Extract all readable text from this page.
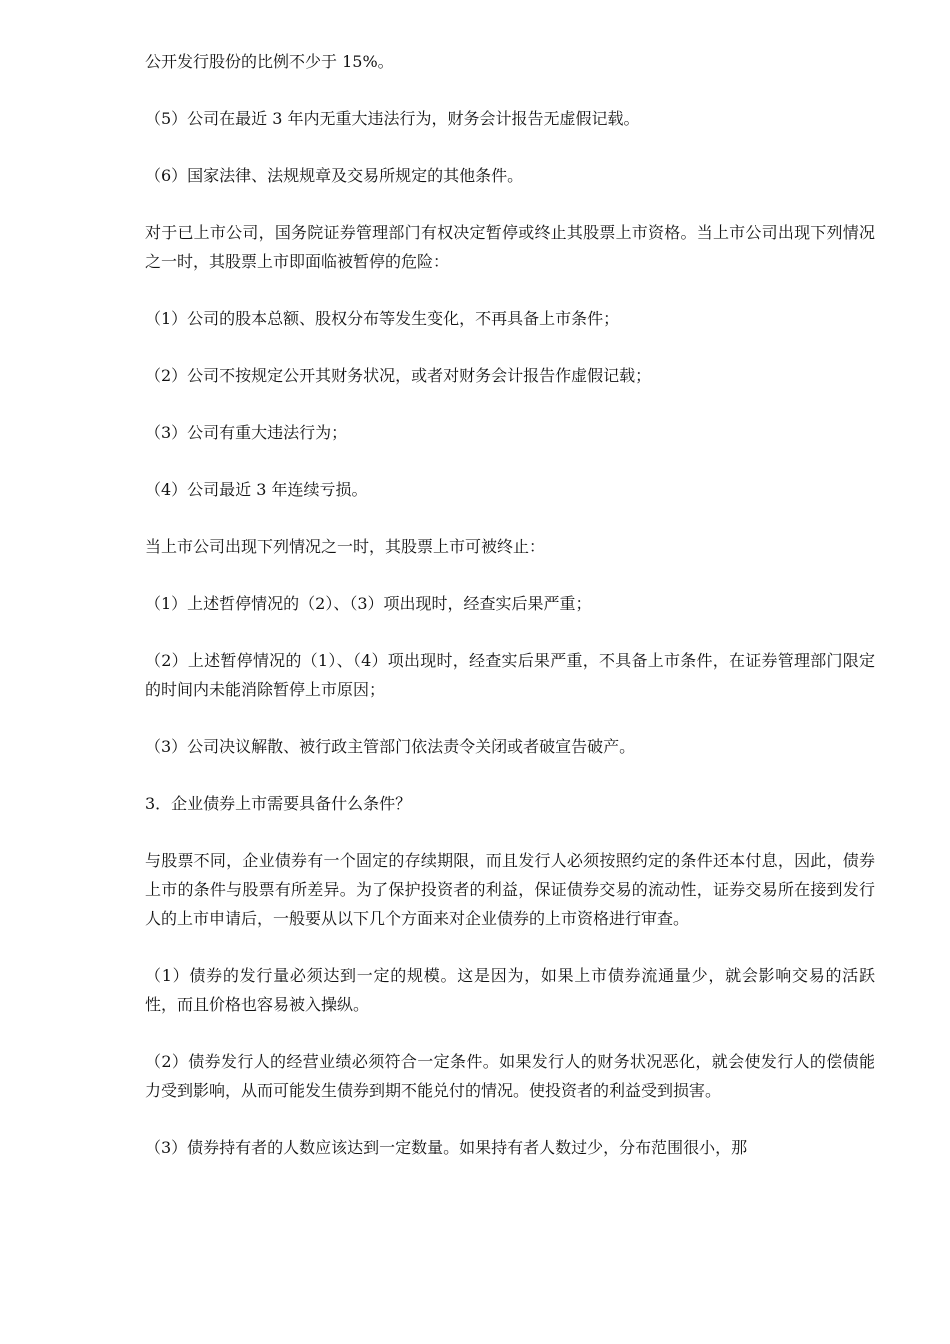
公开发行股份的比例不少于 15%。

（5）公司在最近 3 年内无重大违法行为，财务会计报告无虚假记载。

（6）国家法律、法规规章及交易所规定的其他条件。

对于已上市公司，国务院证券管理部门有权决定暂停或终止其股票上市资格。当上市公司出现下列情况之一时，其股票上市即面临被暂停的危险：

（1）公司的股本总额、股权分布等发生变化，不再具备上市条件；

（2）公司不按规定公开其财务状况，或者对财务会计报告作虚假记载；

（3）公司有重大违法行为；

（4）公司最近 3 年连续亏损。

当上市公司出现下列情况之一时，其股票上市可被终止：

（1）上述哲停情况的（2）、（3）项出现时，经查实后果严重；

（2）上述暂停情况的（1）、（4）项出现时，经查实后果严重，不具备上市条件，在证券管理部门限定的时间内未能消除暂停上市原因；

（3）公司决议解散、被行政主管部门依法责令关闭或者破宣告破产。

3．企业债券上市需要具备什么条件？

与股票不同，企业债券有一个固定的存续期限，而且发行人必须按照约定的条件还本付息，因此，债券上市的条件与股票有所差异。为了保护投资者的利益，保证债券交易的流动性，证券交易所在接到发行人的上市申请后，一般要从以下几个方面来对企业债券的上市资格进行审查。

（1）债券的发行量必须达到一定的规模。这是因为，如果上市债券流通量少，就会影响交易的活跃性，而且价格也容易被入操纵。

（2）债券发行人的经营业绩必须符合一定条件。如果发行人的财务状况恶化，就会使发行人的偿债能力受到影响，从而可能发生债券到期不能兑付的情况。使投资者的利益受到损害。

（3）债券持有者的人数应该达到一定数量。如果持有者人数过少，分布范围很小，那
